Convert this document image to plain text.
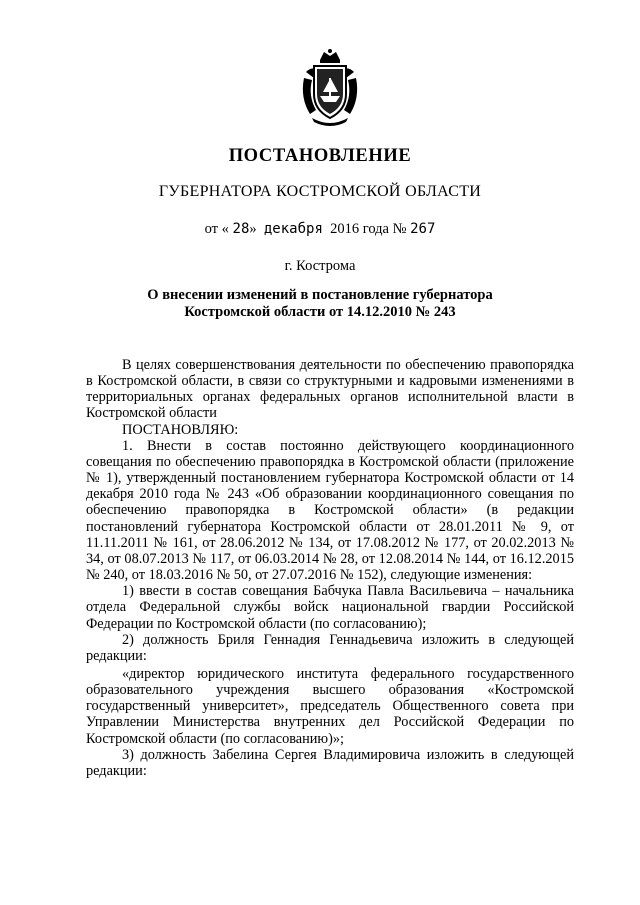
ПОСТАНОВЛЕНИЕ
ГУБЕРНАТОРА КОСТРОМСКОЙ ОБЛАСТИ
от « 28» декабря 2016 года № 267
г. Кострома
О внесении изменений в постановление губернатора
Костромской области от 14.12.2010 № 243

В целях совершенствования деятельности по обеспечению правопорядка в Костромской области, в связи со структурными и кадровыми изменениями в территориальных органах федеральных органов исполнительной власти в Костромской области

ПОСТАНОВЛЯЮ:

1. Внести в состав постоянно действующего координационного совещания по обеспечению правопорядка в Костромской области (приложение № 1), утвержденный постановлением губернатора Костромской области от 14 декабря 2010 года № 243 «Об образовании координационного совещания по обеспечению правопорядка в Костромской области» (в редакции постановлений губернатора Костромской области от 28.01.2011 № 9, от 11.11.2011 № 161, от 28.06.2012 № 134, от 17.08.2012 № 177, от 20.02.2013 № 34, от 08.07.2013 № 117, от 06.03.2014 № 28, от 12.08.2014 № 144, от 16.12.2015 № 240, от 18.03.2016 № 50, от 27.07.2016 № 152), следующие изменения:

1) ввести в состав совещания Бабчука Павла Васильевича – начальника отдела Федеральной службы войск национальной гвардии Российской Федерации по Костромской области (по согласованию);

2) должность Бриля Геннадия Геннадьевича изложить в следующей редакции:

«директор юридического института федерального государственного образовательного учреждения высшего образования «Костромской государственный университет», председатель Общественного совета при Управлении Министерства внутренних дел Российской Федерации по Костромской области (по согласованию)»;

3) должность Забелина Сергея Владимировича изложить в следующей редакции:
